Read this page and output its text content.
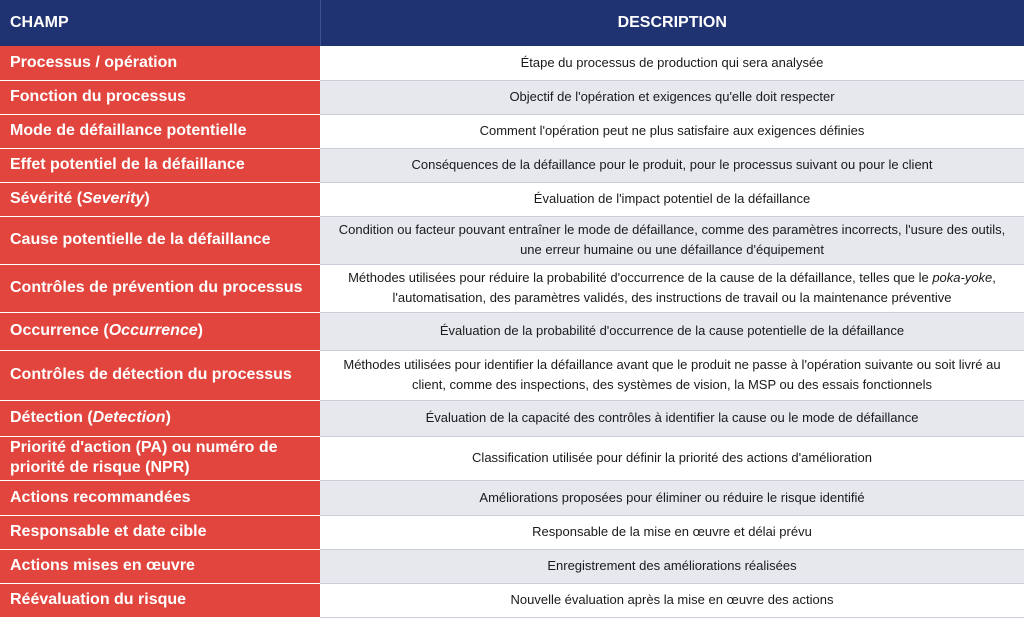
CHAMP	DESCRIPTION
Processus / opération	Étape du processus de production qui sera analysée
Fonction du processus	Objectif de l'opération et exigences qu'elle doit respecter
Mode de défaillance potentielle	Comment l'opération peut ne plus satisfaire aux exigences définies
Effet potentiel de la défaillance	Conséquences de la défaillance pour le produit, pour le processus suivant ou pour le client
Sévérité (Severity)	Évaluation de l'impact potentiel de la défaillance
Cause potentielle de la défaillance	Condition ou facteur pouvant entraîner le mode de défaillance, comme des paramètres incorrects, l'usure des outils, une erreur humaine ou une défaillance d'équipement
Contrôles de prévention du processus	Méthodes utilisées pour réduire la probabilité d'occurrence de la cause de la défaillance, telles que le poka-yoke, l'automatisation, des paramètres validés, des instructions de travail ou la maintenance préventive
Occurrence (Occurrence)	Évaluation de la probabilité d'occurrence de la cause potentielle de la défaillance
Contrôles de détection du processus	Méthodes utilisées pour identifier la défaillance avant que le produit ne passe à l'opération suivante ou soit livré au client, comme des inspections, des systèmes de vision, la MSP ou des essais fonctionnels
Détection (Detection)	Évaluation de la capacité des contrôles à identifier la cause ou le mode de défaillance
Priorité d'action (PA) ou numéro de priorité de risque (NPR)	Classification utilisée pour définir la priorité des actions d'amélioration
Actions recommandées	Améliorations proposées pour éliminer ou réduire le risque identifié
Responsable et date cible	Responsable de la mise en œuvre et délai prévu
Actions mises en œuvre	Enregistrement des améliorations réalisées
Réévaluation du risque	Nouvelle évaluation après la mise en œuvre des actions
